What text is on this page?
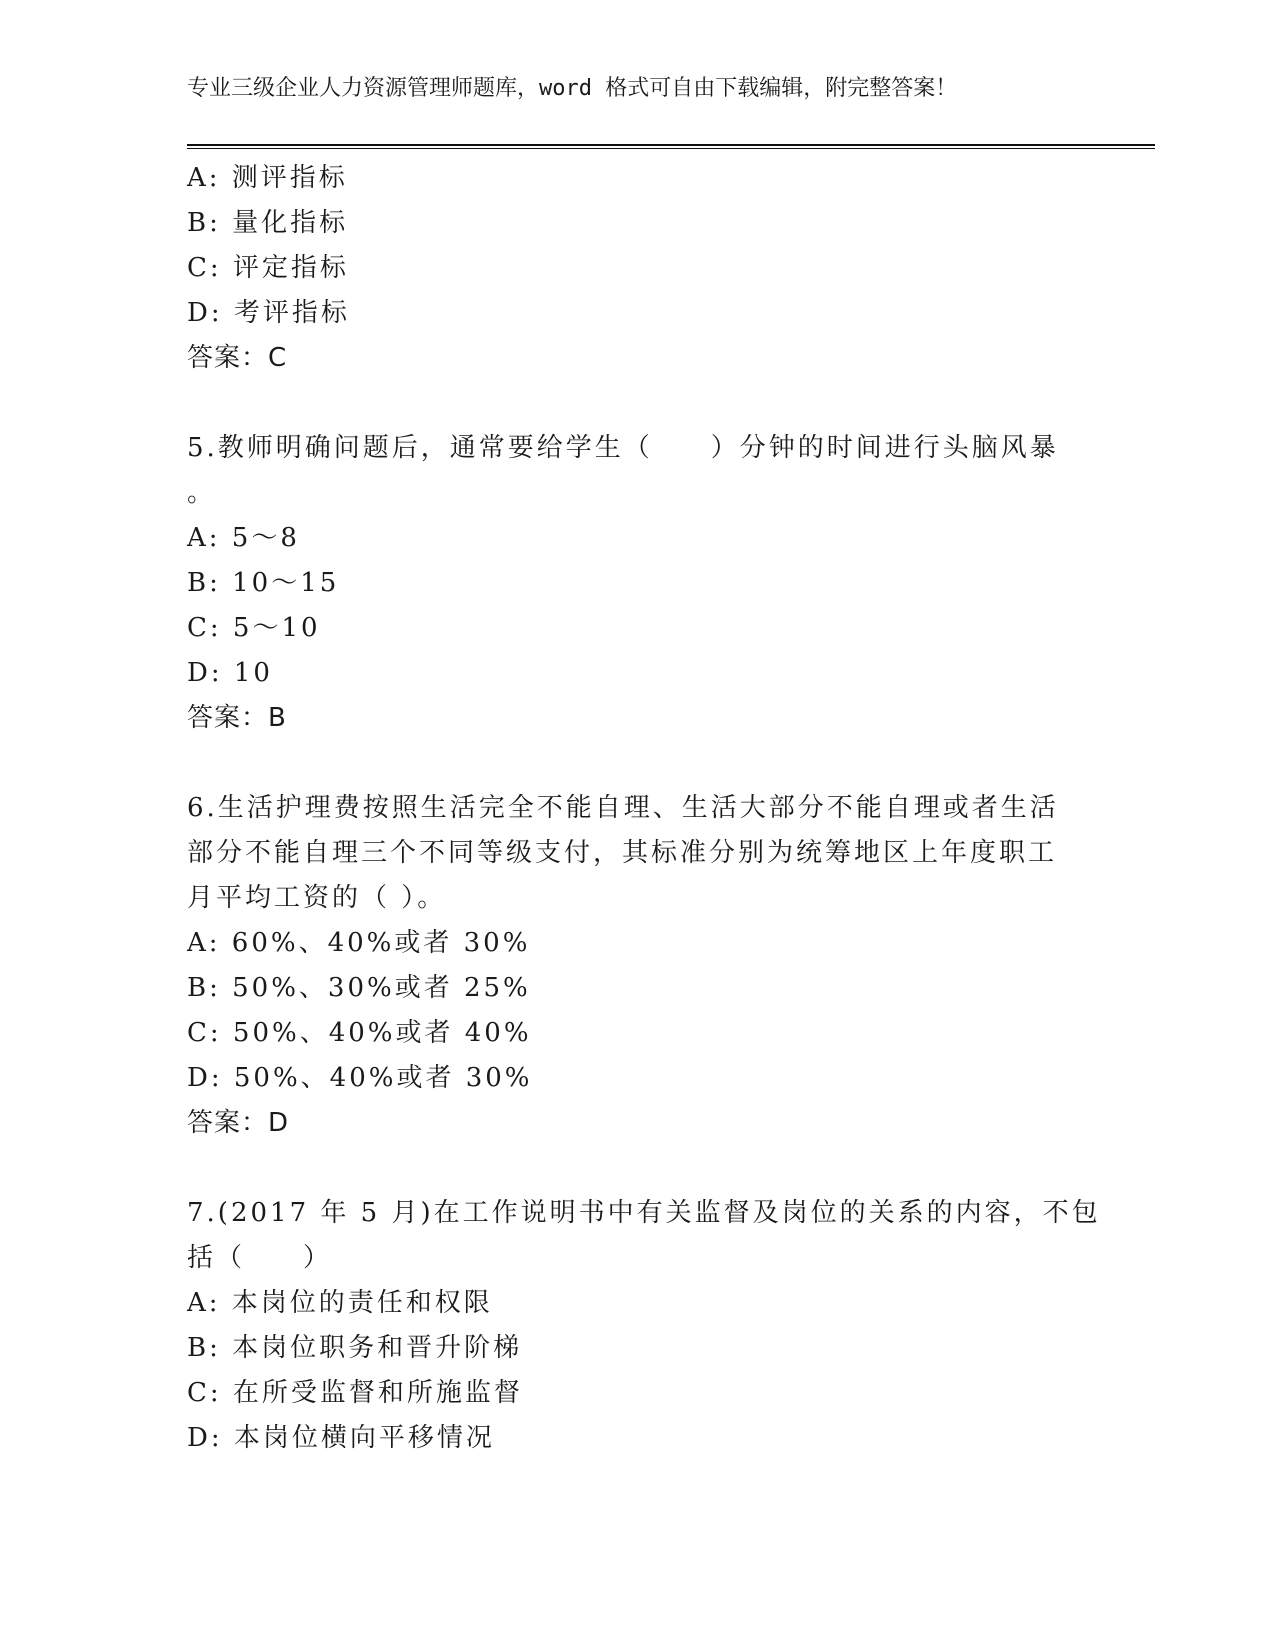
专业三级企业人力资源管理师题库，word 格式可自由下载编辑，附完整答案！
A: 测评指标
B: 量化指标
C: 评定指标
D: 考评指标
答案：C
5.教师明确问题后，通常要给学生（　　）分钟的时间进行头脑风暴
。
A: 5～8
B: 10～15
C: 5～10
D: 10
答案：B
6.生活护理费按照生活完全不能自理、生活大部分不能自理或者生活
部分不能自理三个不同等级支付，其标准分别为统筹地区上年度职工
月平均工资的（ ）。
A: 60%、40%或者 30%
B: 50%、30%或者 25%
C: 50%、40%或者 40%
D: 50%、40%或者 30%
答案：D
7.(2017 年 5 月)在工作说明书中有关监督及岗位的关系的内容，不包
括（　　）
A: 本岗位的责任和权限
B: 本岗位职务和晋升阶梯
C: 在所受监督和所施监督
D: 本岗位横向平移情况
